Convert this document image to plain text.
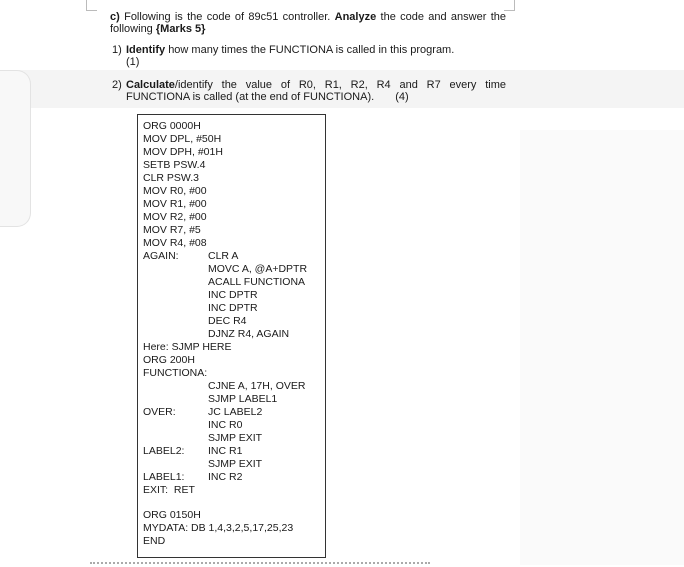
c) Following is the code of 89c51 controller. Analyze the code and answer the following {Marks 5}
1) Identify how many times the FUNCTIONA is called in this program.
(1)
2) Calculate/identify the value of R0, R1, R2, R4 and R7 every time FUNCTIONA is called (at the end of FUNCTIONA). (4)
ORG 0000H
MOV DPL, #50H
MOV DPH, #01H
SETB PSW.4
CLR PSW.3
MOV R0, #00
MOV R1, #00
MOV R2, #00
MOV R7, #5
MOV R4, #08
AGAIN:	CLR A
MOVC A, @A+DPTR
ACALL FUNCTIONA
INC DPTR
INC DPTR
DEC R4
DJNZ R4, AGAIN
Here: SJMP HERE
ORG 200H
FUNCTIONA:
CJNE A, 17H, OVER
SJMP LABEL1
OVER:	JC LABEL2
INC R0
SJMP EXIT
LABEL2: INC R1
SJMP EXIT
LABEL1: INC R2
EXIT:  RET
ORG 0150H
MYDATA: DB 1,4,3,2,5,17,25,23
END
